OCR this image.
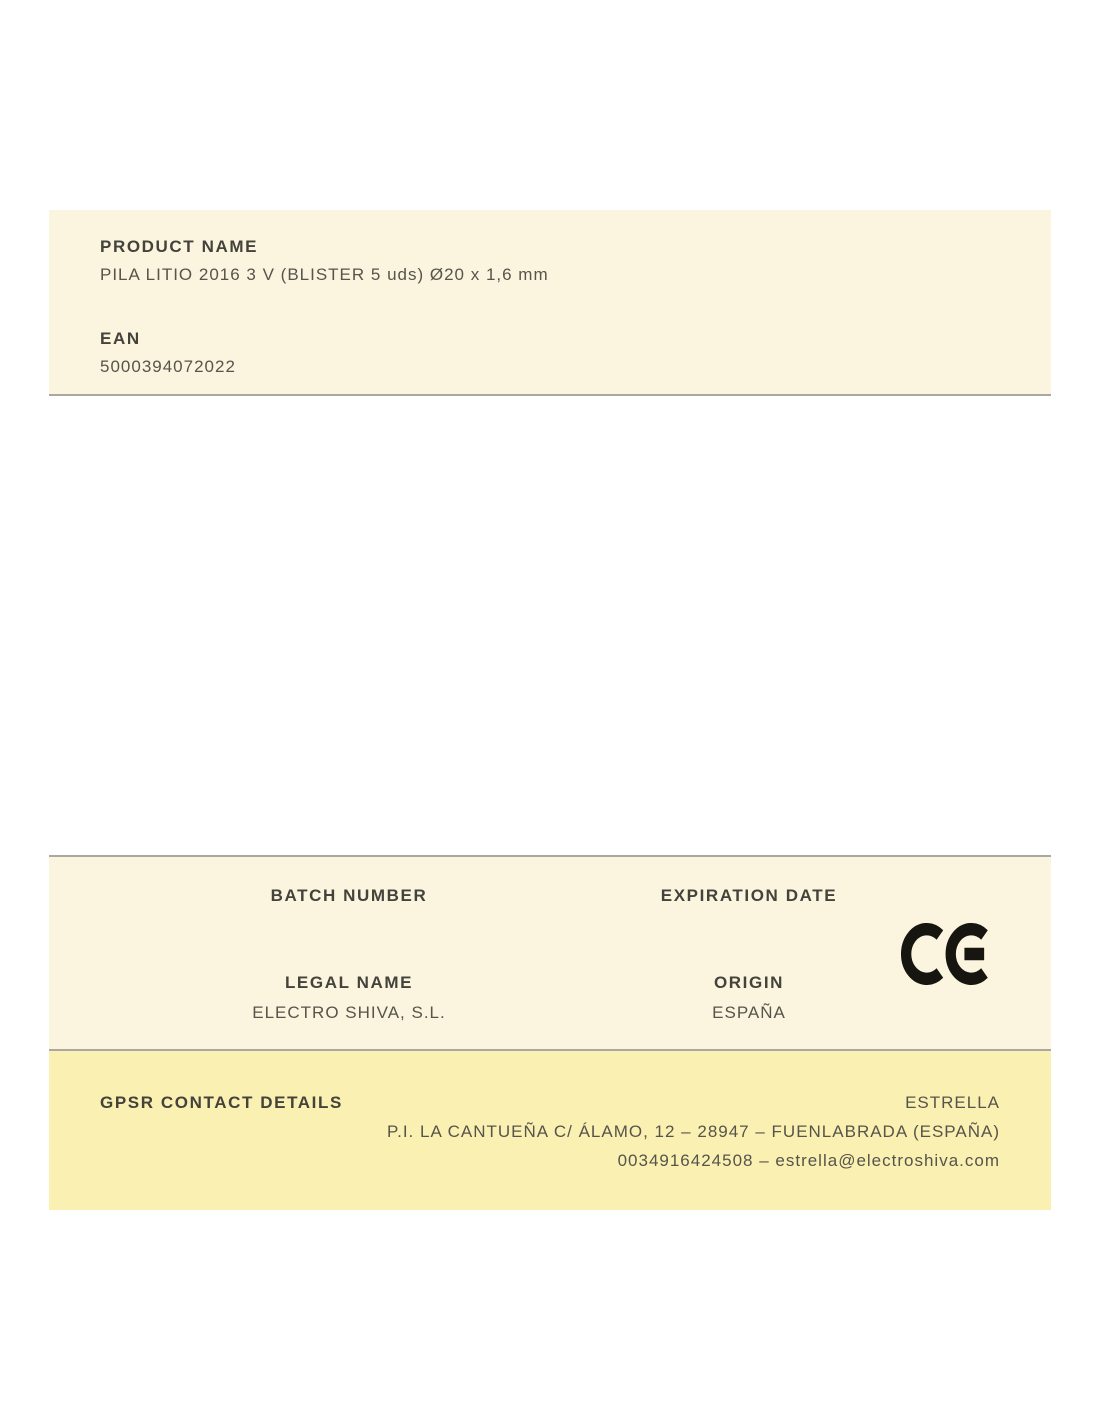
PRODUCT NAME
PILA LITIO 2016 3 V (BLISTER 5 uds) Ø20 x 1,6 mm
EAN
5000394072022
BATCH NUMBER	EXPIRATION DATE
LEGAL NAME
ELECTRO SHIVA, S.L.
ORIGIN
ESPAÑA
GPSR CONTACT DETAILS	ESTRELLA
P.I. LA CANTUEÑA C/ ÁLAMO, 12 – 28947 – FUENLABRADA (ESPAÑA)
0034916424508 – estrella@electroshiva.com
